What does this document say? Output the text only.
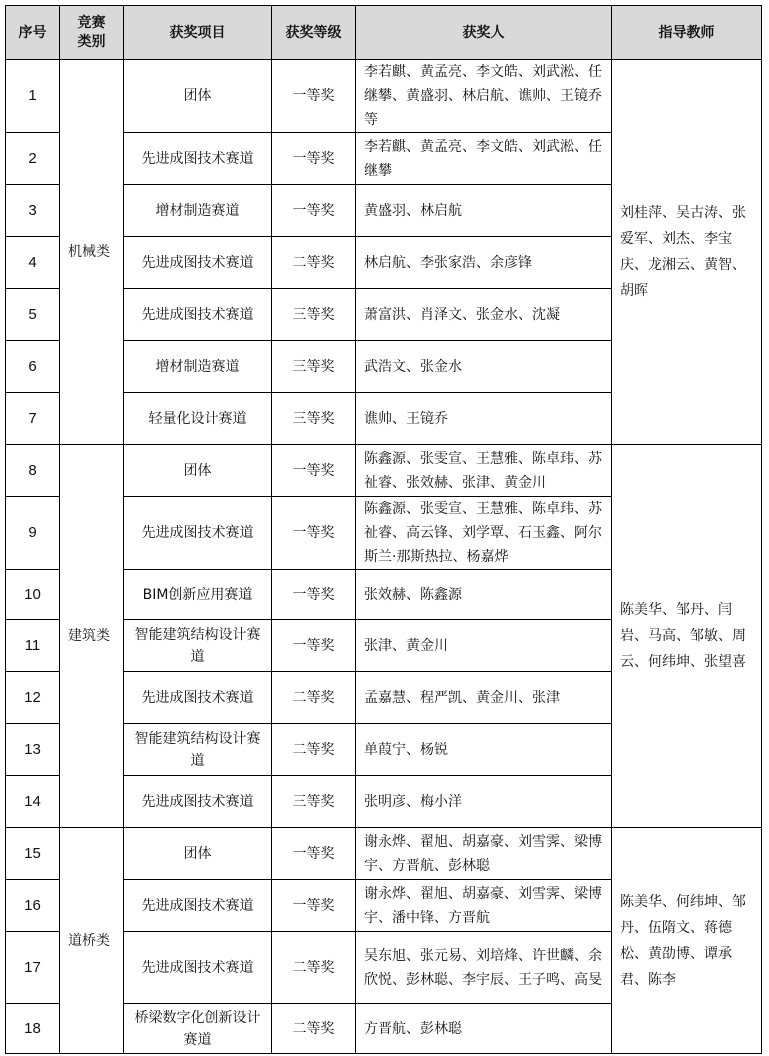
序号	竞赛类别	获奖项目	获奖等级	获奖人	指导教师
1	机械类	团体	一等奖	李若麒、黄孟亮、李文皓、刘武淞、任继攀、黄盛羽、林启航、谯帅、王镜乔等	刘桂萍、吴古涛、张爱军、刘杰、李宝庆、龙湘云、黄智、胡晖
2		先进成图技术赛道	一等奖	李若麒、黄孟亮、李文皓、刘武淞、任继攀	
3		增材制造赛道	一等奖	黄盛羽、林启航	
4		先进成图技术赛道	二等奖	林启航、李张家浩、余彦锋	
5		先进成图技术赛道	三等奖	萧富洪、肖泽文、张金水、沈凝	
6		增材制造赛道	三等奖	武浩文、张金水	
7		轻量化设计赛道	三等奖	谯帅、王镜乔	
8	建筑类	团体	一等奖	陈鑫源、张雯宣、王慧雅、陈卓玮、苏祉睿、张效赫、张津、黄金川	陈美华、邹丹、闫岩、马高、邹敏、周云、何纬坤、张望喜
9		先进成图技术赛道	一等奖	陈鑫源、张雯宣、王慧雅、陈卓玮、苏祉睿、高云锋、刘学覃、石玉鑫、阿尔斯兰·那斯热拉、杨嘉烨	
10		BIM创新应用赛道	一等奖	张效赫、陈鑫源	
11		智能建筑结构设计赛道	一等奖	张津、黄金川	
12		先进成图技术赛道	二等奖	孟嘉慧、程严凯、黄金川、张津	
13		智能建筑结构设计赛道	二等奖	单葭宁、杨锐	
14		先进成图技术赛道	三等奖	张明彦、梅小洋	
15	道桥类	团体	一等奖	谢永烨、翟旭、胡嘉豪、刘雪霁、梁博宇、方晋航、彭林聪	陈美华、何纬坤、邹丹、伍隋文、蒋德松、黄劭博、谭承君、陈李
16		先进成图技术赛道	一等奖	谢永烨、翟旭、胡嘉豪、刘雪霁、梁博宇、潘中锋、方晋航	
17		先进成图技术赛道	二等奖	吴东旭、张元易、刘培烽、许世麟、余欣悦、彭林聪、李宇辰、王子鸣、高旻	
18		桥梁数字化创新设计赛道	二等奖	方晋航、彭林聪	
